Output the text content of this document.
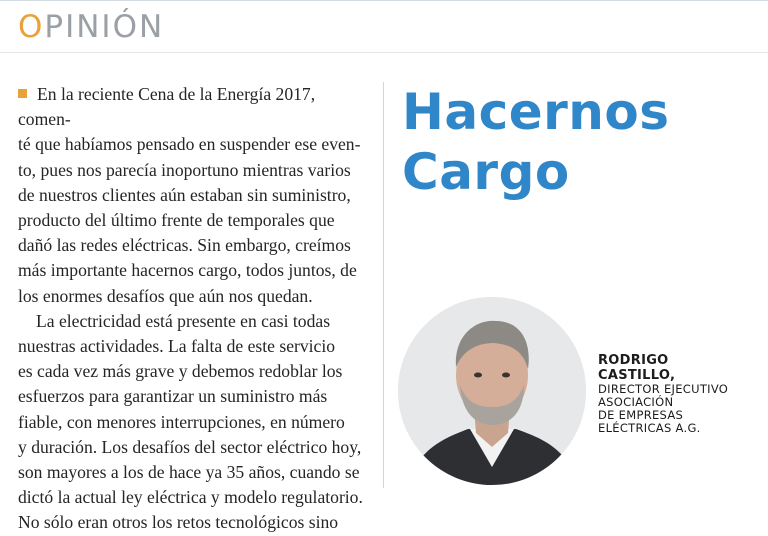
OPINIÓN

En la reciente Cena de la Energía 2017, comen-
té que habíamos pensado en suspender ese even-
to, pues nos parecía inoportuno mientras varios
de nuestros clientes aún estaban sin suministro,
producto del último frente de temporales que
dañó las redes eléctricas. Sin embargo, creímos
más importante hacernos cargo, todos juntos, de
los enormes desafíos que aún nos quedan.

La electricidad está presente en casi todas
nuestras actividades. La falta de este servicio
es cada vez más grave y debemos redoblar los
esfuerzos para garantizar un suministro más
fiable, con menores interrupciones, en número
y duración. Los desafíos del sector eléctrico hoy,
son mayores a los de hace ya 35 años, cuando se
dictó la actual ley eléctrica y modelo regulatorio.
No sólo eran otros los retos tecnológicos sino

Hacernos
Cargo
RODRIGO
CASTILLO,
DIRECTOR EJECUTIVO
ASOCIACIÓN
DE EMPRESAS
ELÉCTRICAS A.G.
